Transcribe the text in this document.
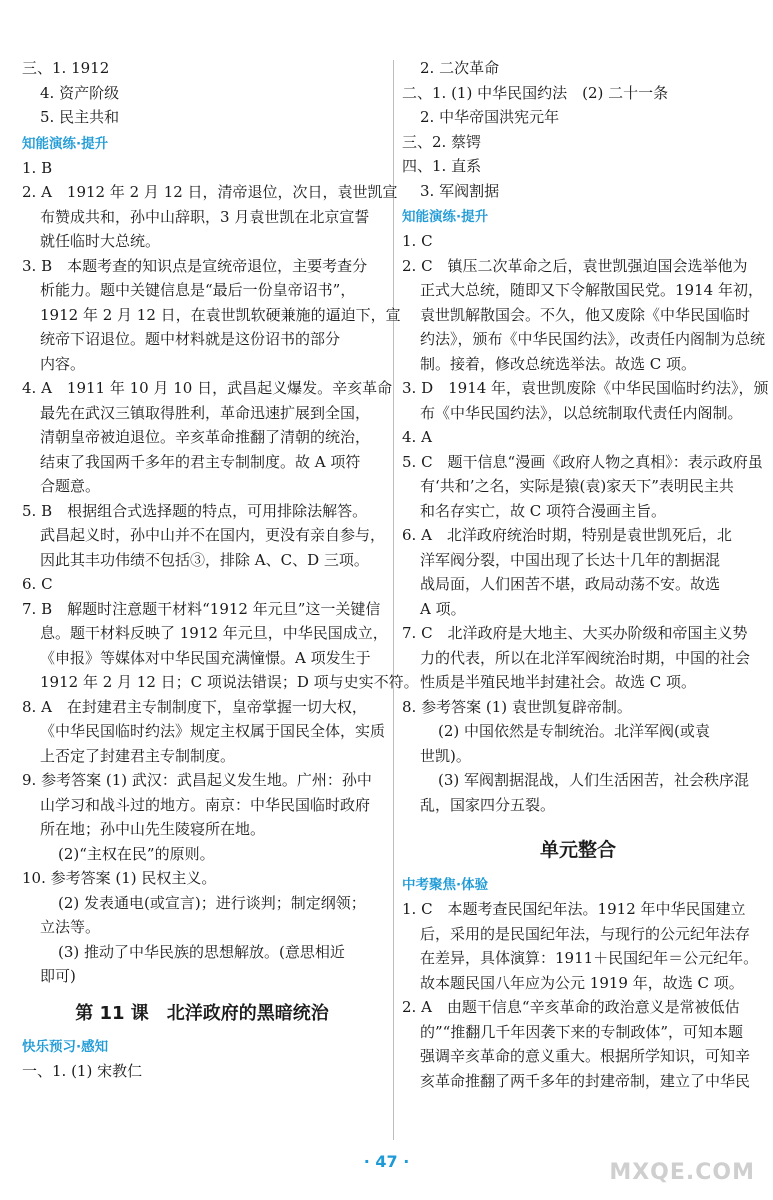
三、1. 1912
4. 资产阶级
5. 民主共和
知能演练·提升
1. B
2. A　1912 年 2 月 12 日，清帝退位，次日，袁世凯宣
布赞成共和，孙中山辞职，3 月袁世凯在北京宣誓
就任临时大总统。
3. B　本题考查的知识点是宣统帝退位，主要考查分
析能力。题中关键信息是“最后一份皇帝诏书”，
1912 年 2 月 12 日，在袁世凯软硬兼施的逼迫下，宣
统帝下诏退位。题中材料就是这份诏书的部分
内容。
4. A　1911 年 10 月 10 日，武昌起义爆发。辛亥革命
最先在武汉三镇取得胜利，革命迅速扩展到全国，
清朝皇帝被迫退位。辛亥革命推翻了清朝的统治，
结束了我国两千多年的君主专制制度。故 A 项符
合题意。
5. B　根据组合式选择题的特点，可用排除法解答。
武昌起义时，孙中山并不在国内，更没有亲自参与，
因此其丰功伟绩不包括③，排除 A、C、D 三项。
6. C
7. B　解题时注意题干材料“1912 年元旦”这一关键信
息。题干材料反映了 1912 年元旦，中华民国成立，
《申报》等媒体对中华民国充满憧憬。A 项发生于
1912 年 2 月 12 日；C 项说法错误；D 项与史实不符。
8. A　在封建君主专制制度下，皇帝掌握一切大权，
《中华民国临时约法》规定主权属于国民全体，实质
上否定了封建君主专制制度。
9. 参考答案 (1) 武汉：武昌起义发生地。广州：孙中
山学习和战斗过的地方。南京：中华民国临时政府
所在地；孙中山先生陵寝所在地。
(2)“主权在民”的原则。
10. 参考答案 (1) 民权主义。
(2) 发表通电(或宣言)；进行谈判；制定纲领；
立法等。
(3) 推动了中华民族的思想解放。(意思相近
即可)
第 11 课　北洋政府的黑暗统治
快乐预习·感知
一、1. (1) 宋教仁
2. 二次革命
二、1. (1) 中华民国约法　(2) 二十一条
2. 中华帝国洪宪元年
三、2. 蔡锷
四、1. 直系
3. 军阀割据
知能演练·提升
1. C
2. C　镇压二次革命之后，袁世凯强迫国会选举他为
正式大总统，随即又下令解散国民党。1914 年初，
袁世凯解散国会。不久，他又废除《中华民国临时
约法》，颁布《中华民国约法》，改责任内阁制为总统
制。接着，修改总统选举法。故选 C 项。
3. D　1914 年，袁世凯废除《中华民国临时约法》，颁
布《中华民国约法》，以总统制取代责任内阁制。
4. A
5. C　题干信息“漫画《政府人物之真相》：表示政府虽
有‘共和’之名，实际是猿(袁)家天下”表明民主共
和名存实亡，故 C 项符合漫画主旨。
6. A　北洋政府统治时期，特别是袁世凯死后，北
洋军阀分裂，中国出现了长达十几年的割据混
战局面，人们困苦不堪，政局动荡不安。故选
A 项。
7. C　北洋政府是大地主、大买办阶级和帝国主义势
力的代表，所以在北洋军阀统治时期，中国的社会
性质是半殖民地半封建社会。故选 C 项。
8. 参考答案 (1) 袁世凯复辟帝制。
(2) 中国依然是专制统治。北洋军阀(或袁
世凯)。
(3) 军阀割据混战，人们生活困苦，社会秩序混
乱，国家四分五裂。
单元整合
中考聚焦·体验
1. C　本题考查民国纪年法。1912 年中华民国建立
后，采用的是民国纪年法，与现行的公元纪年法存
在差异，具体演算：1911＋民国纪年＝公元纪年。
故本题民国八年应为公元 1919 年，故选 C 项。
2. A　由题干信息“辛亥革命的政治意义是常被低估
的”“推翻几千年因袭下来的专制政体”，可知本题
强调辛亥革命的意义重大。根据所学知识，可知辛
亥革命推翻了两千多年的封建帝制，建立了中华民
· 47 ·	MXQE.COM
